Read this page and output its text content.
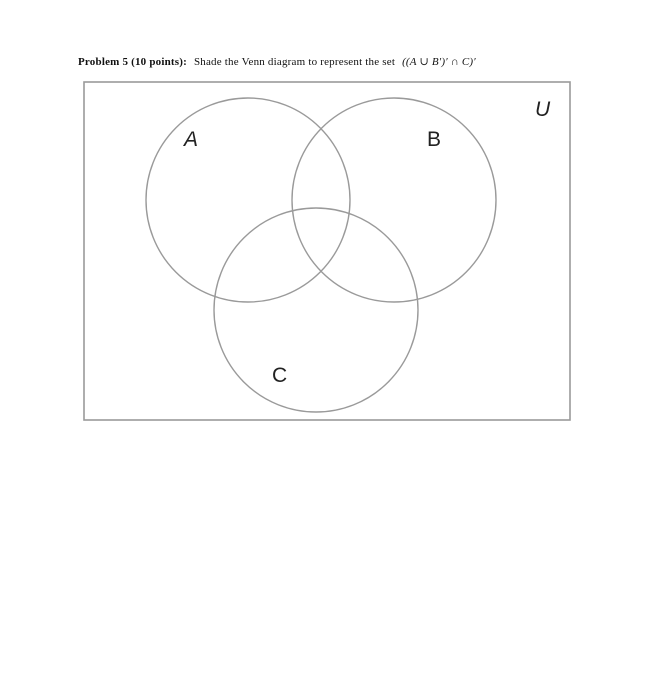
Problem 5 (10 points): Shade the Venn diagram to represent the set ((A ∪ B′)′ ∩ C)′
U
A	B
C
